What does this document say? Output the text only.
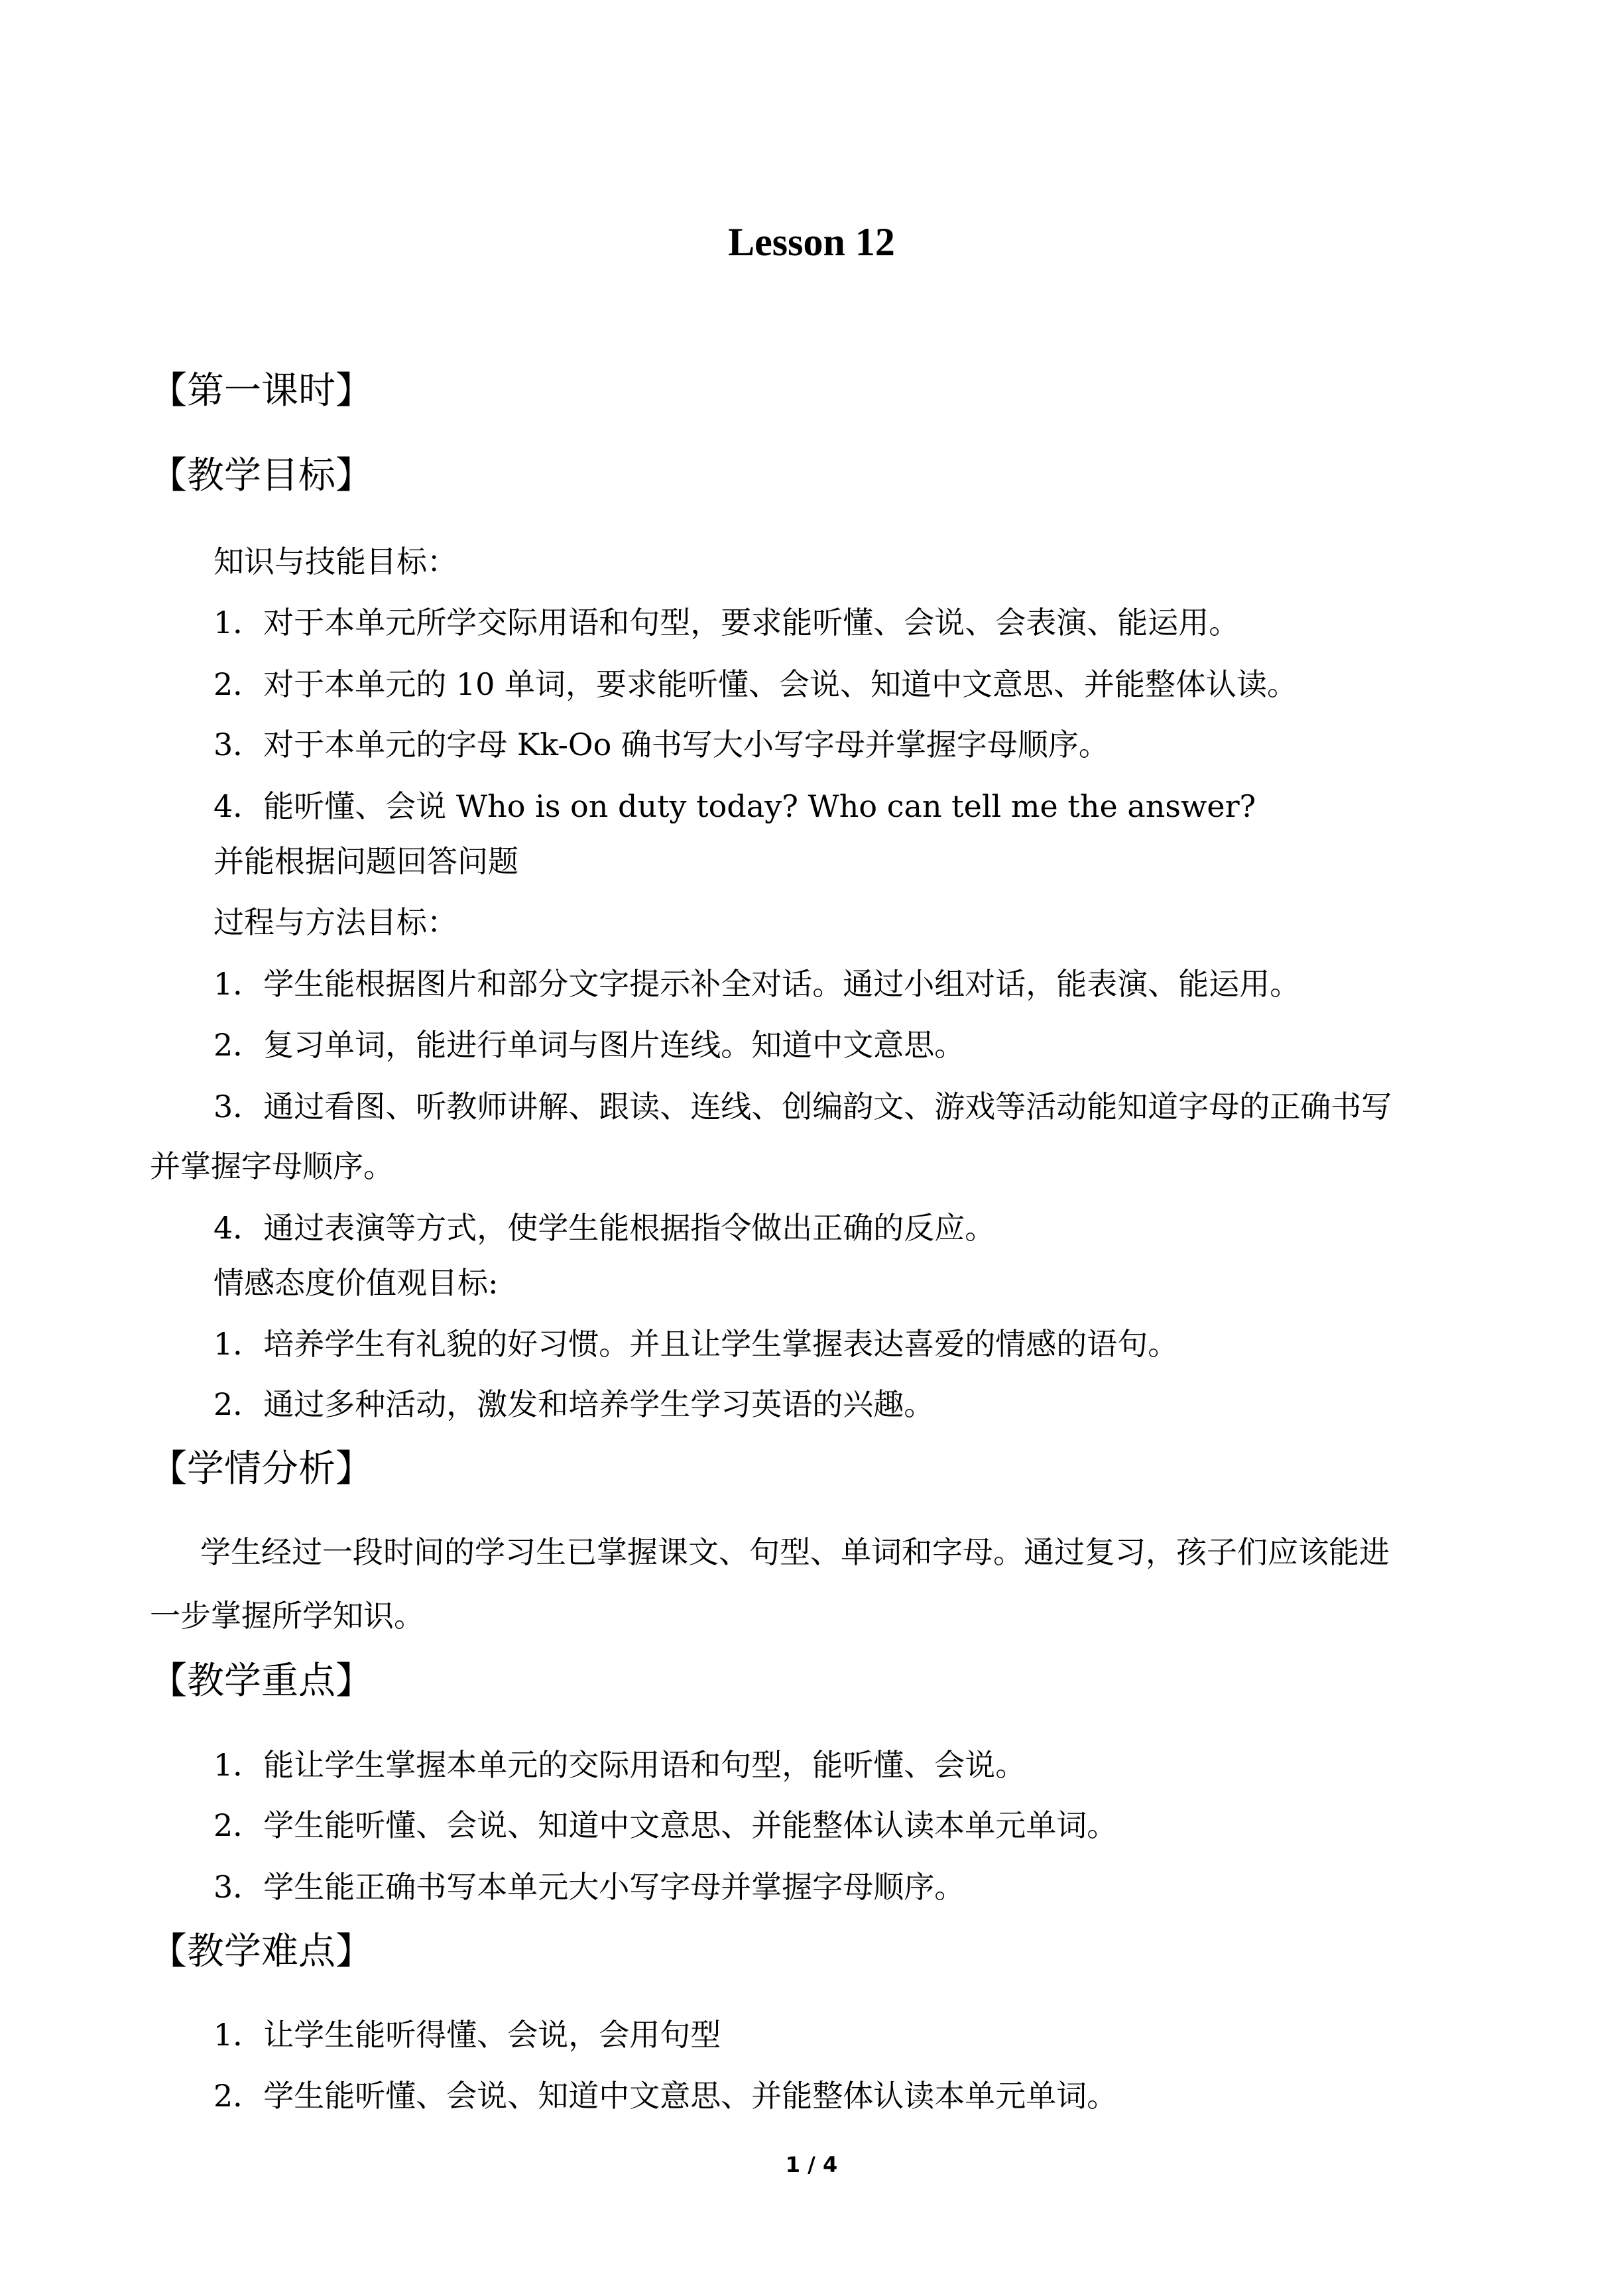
Lesson 12
【第一课时】
【教学目标】
知识与技能目标：
1．对于本单元所学交际用语和句型，要求能听懂、会说、会表演、能运用。
2．对于本单元的 10 单词，要求能听懂、会说、知道中文意思、并能整体认读。
3．对于本单元的字母 Kk-Oo 确书写大小写字母并掌握字母顺序。
4．能听懂、会说 Who is on duty today? Who can tell me the answer?
并能根据问题回答问题
过程与方法目标：
1．学生能根据图片和部分文字提示补全对话。通过小组对话，能表演、能运用。
2．复习单词，能进行单词与图片连线。知道中文意思。
3．通过看图、听教师讲解、跟读、连线、创编韵文、游戏等活动能知道字母的正确书写
并掌握字母顺序。
4．通过表演等方式，使学生能根据指令做出正确的反应。
情感态度价值观目标:
1．培养学生有礼貌的好习惯。并且让学生掌握表达喜爱的情感的语句。
2．通过多种活动，激发和培养学生学习英语的兴趣。
【学情分析】
学生经过一段时间的学习生已掌握课文、句型、单词和字母。通过复习，孩子们应该能进
一步掌握所学知识。
【教学重点】
1．能让学生掌握本单元的交际用语和句型，能听懂、会说。
2．学生能听懂、会说、知道中文意思、并能整体认读本单元单词。
3．学生能正确书写本单元大小写字母并掌握字母顺序。
【教学难点】
1．让学生能听得懂、会说，会用句型
2．学生能听懂、会说、知道中文意思、并能整体认读本单元单词。
1 / 4
